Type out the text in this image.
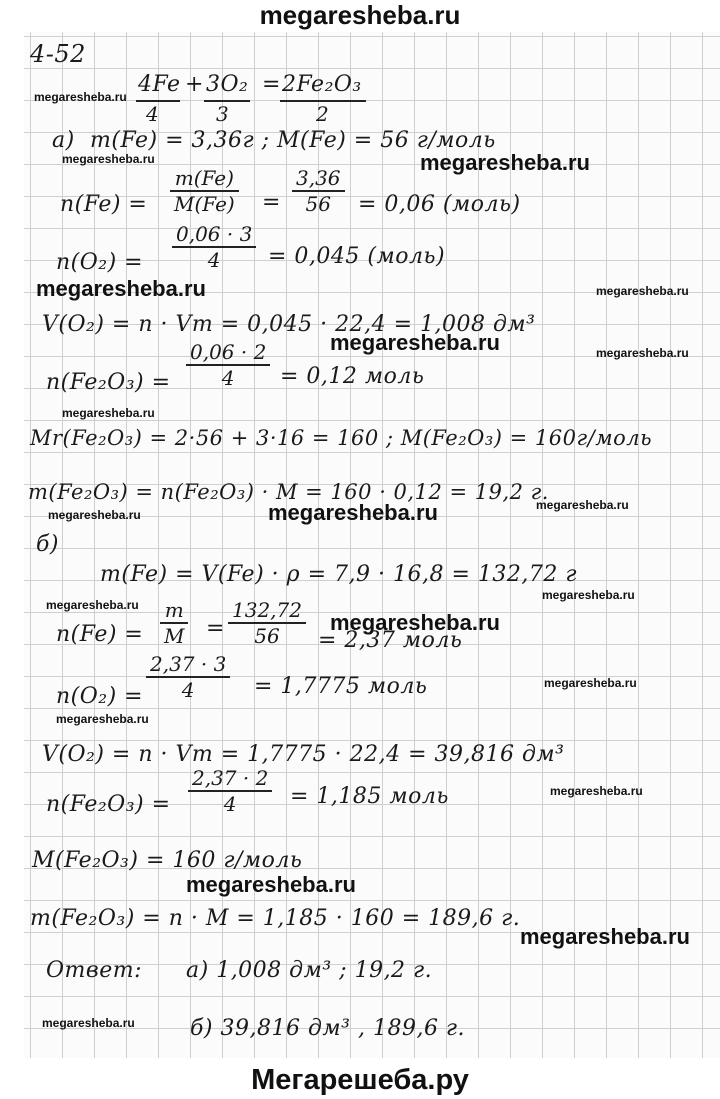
megaresheba.ru
4-52
4Fe + 3O₂ = 2Fe₂O₃
4	3	2
a) m(Fe) = 3,36г ; M(Fe) = 56 г/моль
$n(Fe) = \frac{m(Fe)}{M(Fe)} = \frac{3,36}{56} = 0,06$ (моль)
$n(O_2) = \frac{0,06 \cdot 3}{4} = 0,045$ (моль)
V(O₂) = n · Vm = 0,045 · 22,4 = 1,008 дм³
$n(Fe_2O_3) = \frac{0,06 \cdot 2}{4} = 0,12$ моль
Mr(Fe₂O₃) = 2·56 + 3·16 = 160 ; M(Fe₂O₃) = 160г/моль
m(Fe₂O₃) = n(Fe₂O₃) · M = 160 · 0,12 = 19,2 г.
б)
m(Fe) = V(Fe) · ρ = 7,9 · 16,8 = 132,72 г
$n(Fe) = \frac{m}{M} = \frac{132,72}{56} = 2,37$ моль
$n(O_2) = \frac{2,37 \cdot 3}{4} = 1,7775$ моль
V(O₂) = n · Vm = 1,7775 · 22,4 = 39,816 дм³
$n(Fe_2O_3) = \frac{2,37 \cdot 2}{4} = 1,185$ моль
M(Fe₂O₃) = 160 г/моль
m(Fe₂O₃) = n · M = 1,185 · 160 = 189,6 г.
Ответ: а) 1,008 дм³ ; 19,2 г.
б) 39,816 дм³ , 189,6 г.
megaresheba.ru
megaresheba.ru	megaresheba.ru
megaresheba.ru	megaresheba.ru
megaresheba.ru	megaresheba.ru
megaresheba.ru
megaresheba.ru	megaresheba.ru	megaresheba.ru
megaresheba.ru
megaresheba.ru
megaresheba.ru
megaresheba.ru
megaresheba.ru
megaresheba.ru
megaresheba.ru
megaresheba.ru
megaresheba.ru
Мегарешеба.ру
